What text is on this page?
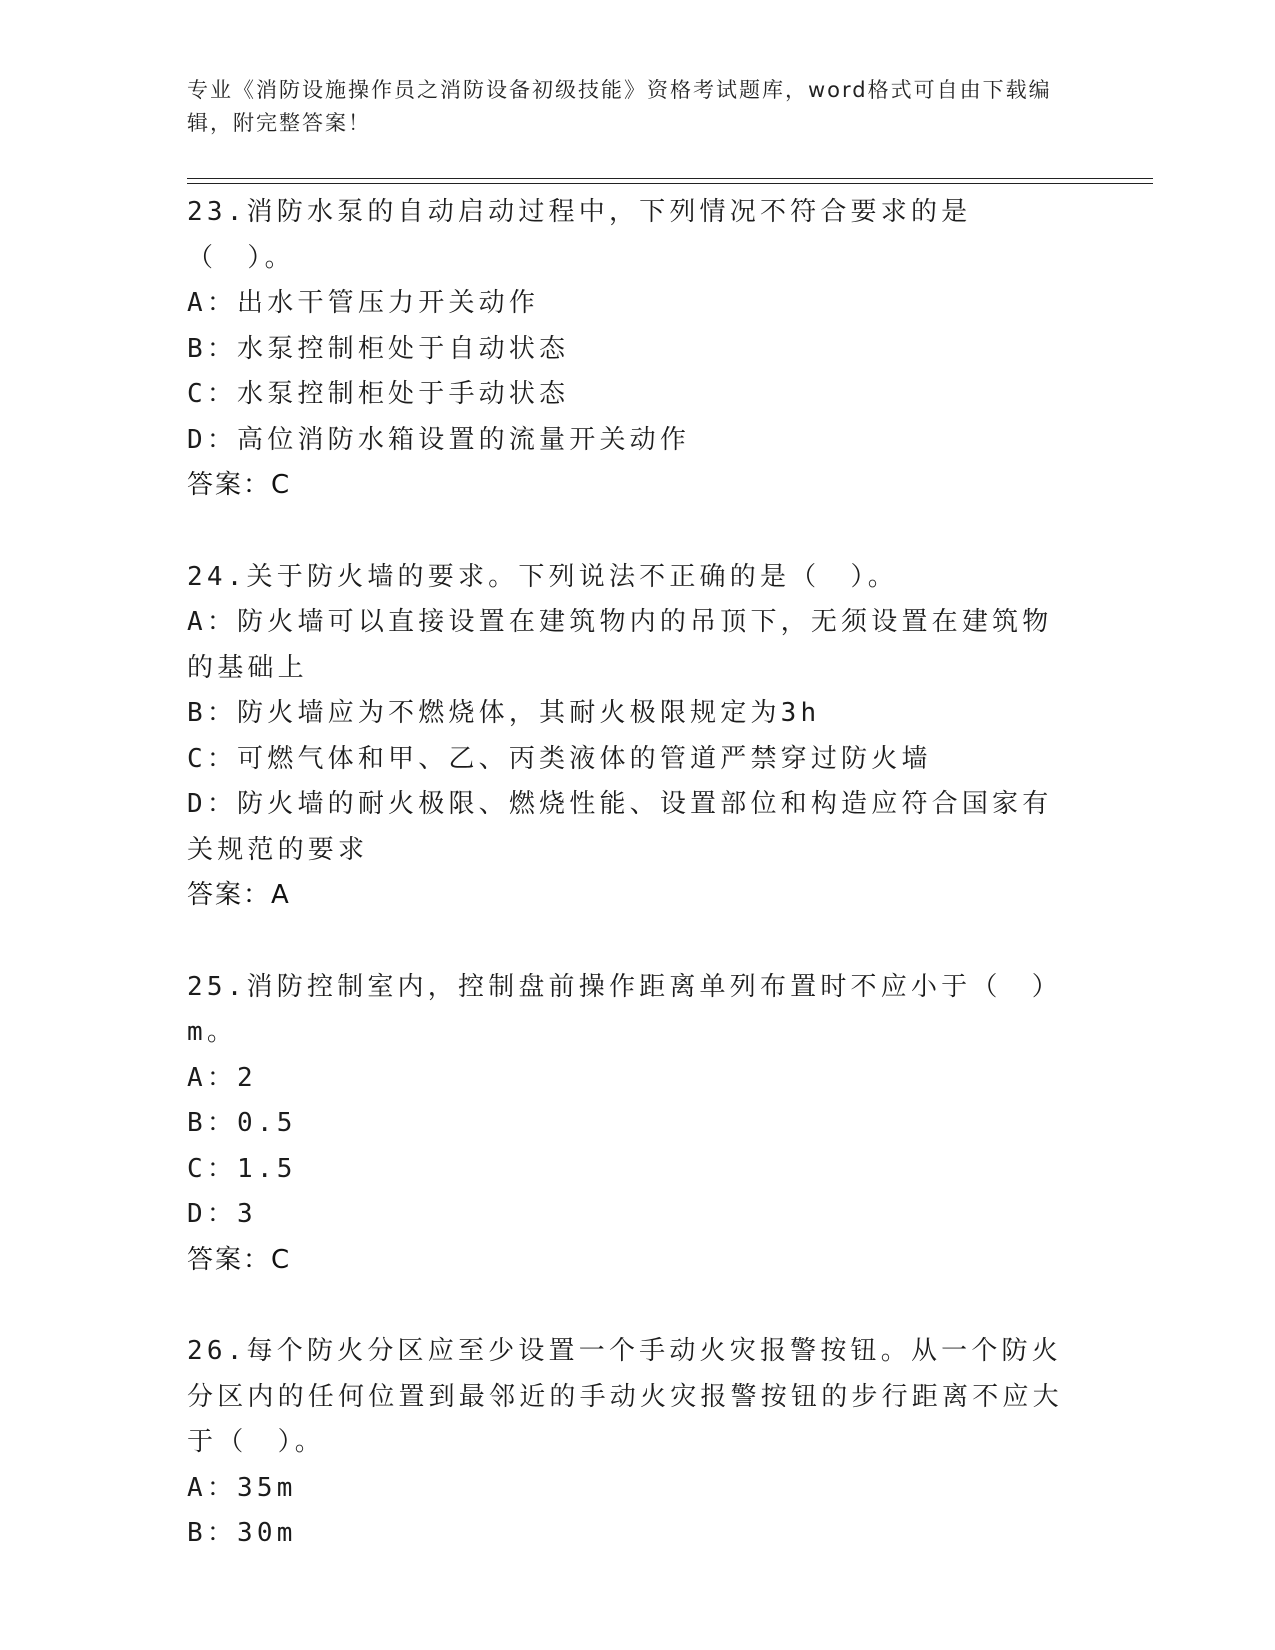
专业《消防设施操作员之消防设备初级技能》资格考试题库，word格式可自由下载编辑，附完整答案！
23.消防水泵的自动启动过程中，下列情况不符合要求的是（　）。
A：出水干管压力开关动作
B：水泵控制柜处于自动状态
C：水泵控制柜处于手动状态
D：高位消防水箱设置的流量开关动作
答案：C
24.关于防火墙的要求。下列说法不正确的是（　）。
A：防火墙可以直接设置在建筑物内的吊顶下，无须设置在建筑物的基础上
B：防火墙应为不燃烧体，其耐火极限规定为3h
C：可燃气体和甲、乙、丙类液体的管道严禁穿过防火墙
D：防火墙的耐火极限、燃烧性能、设置部位和构造应符合国家有关规范的要求
答案：A
25.消防控制室内，控制盘前操作距离单列布置时不应小于（　）m。
A：2
B：0.5
C：1.5
D：3
答案：C
26.每个防火分区应至少设置一个手动火灾报警按钮。从一个防火分区内的任何位置到最邻近的手动火灾报警按钮的步行距离不应大于（　）。
A：35m
B：30m
